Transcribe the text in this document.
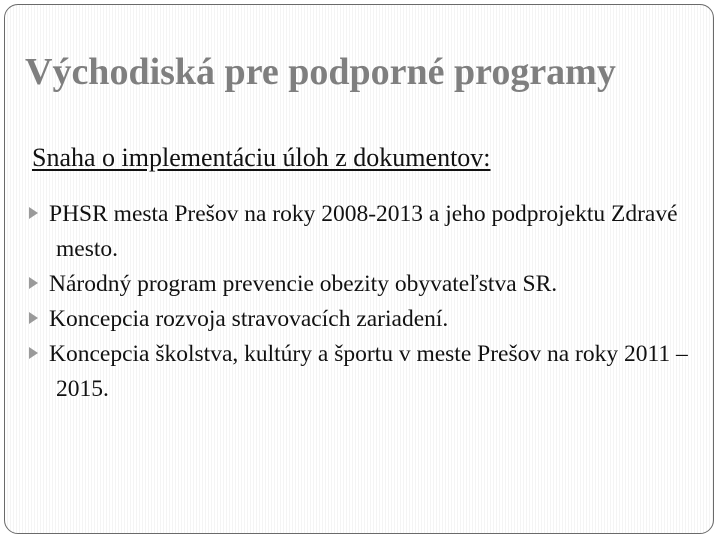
Východiská pre podporné programy

Snaha o implementáciu úloh z dokumentov:

PHSR mesta Prešov na roky 2008-2013 a jeho podprojektu Zdravé mesto.
Národný program prevencie obezity obyvateľstva SR.
Koncepcia rozvoja stravovacích zariadení.
Koncepcia školstva, kultúry a športu v meste Prešov na roky 2011 – 2015.
